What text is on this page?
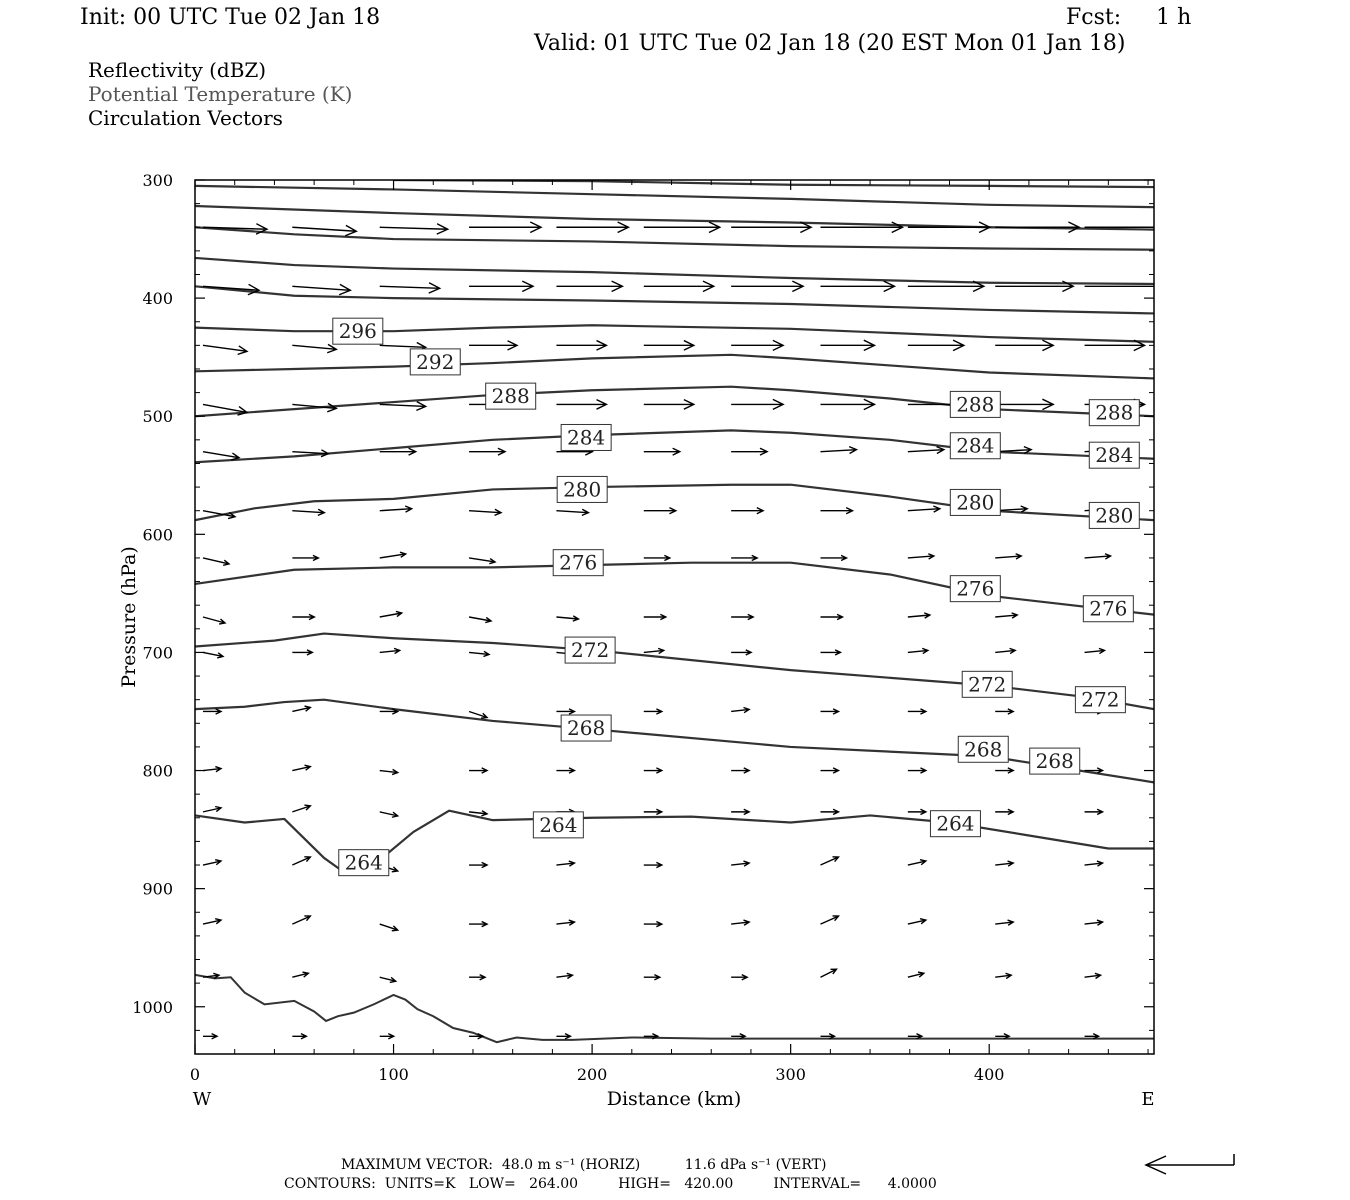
Init: 00 UTC Tue 02 Jan 18	Fcst:     1 h
Valid: 01 UTC Tue 02 Jan 18 (20 EST Mon 01 Jan 18)
Reflectivity (dBZ)
Potential Temperature (K)
Circulation Vectors
296
292
288	288	288
284	284	284
280
280
280
276
276
276
272
272
272
268
268 268
264
264
264
300
400
500
600
700
800
900
1000
0	100	200	300	400
Pressure (hPa)
Distance (km)
W	E
MAXIMUM VECTOR:  48.0 m s⁻¹ (HORIZ)          11.6 dPa s⁻¹ (VERT)
CONTOURS:  UNITS=K   LOW=   264.00         HIGH=   420.00         INTERVAL=      4.0000
